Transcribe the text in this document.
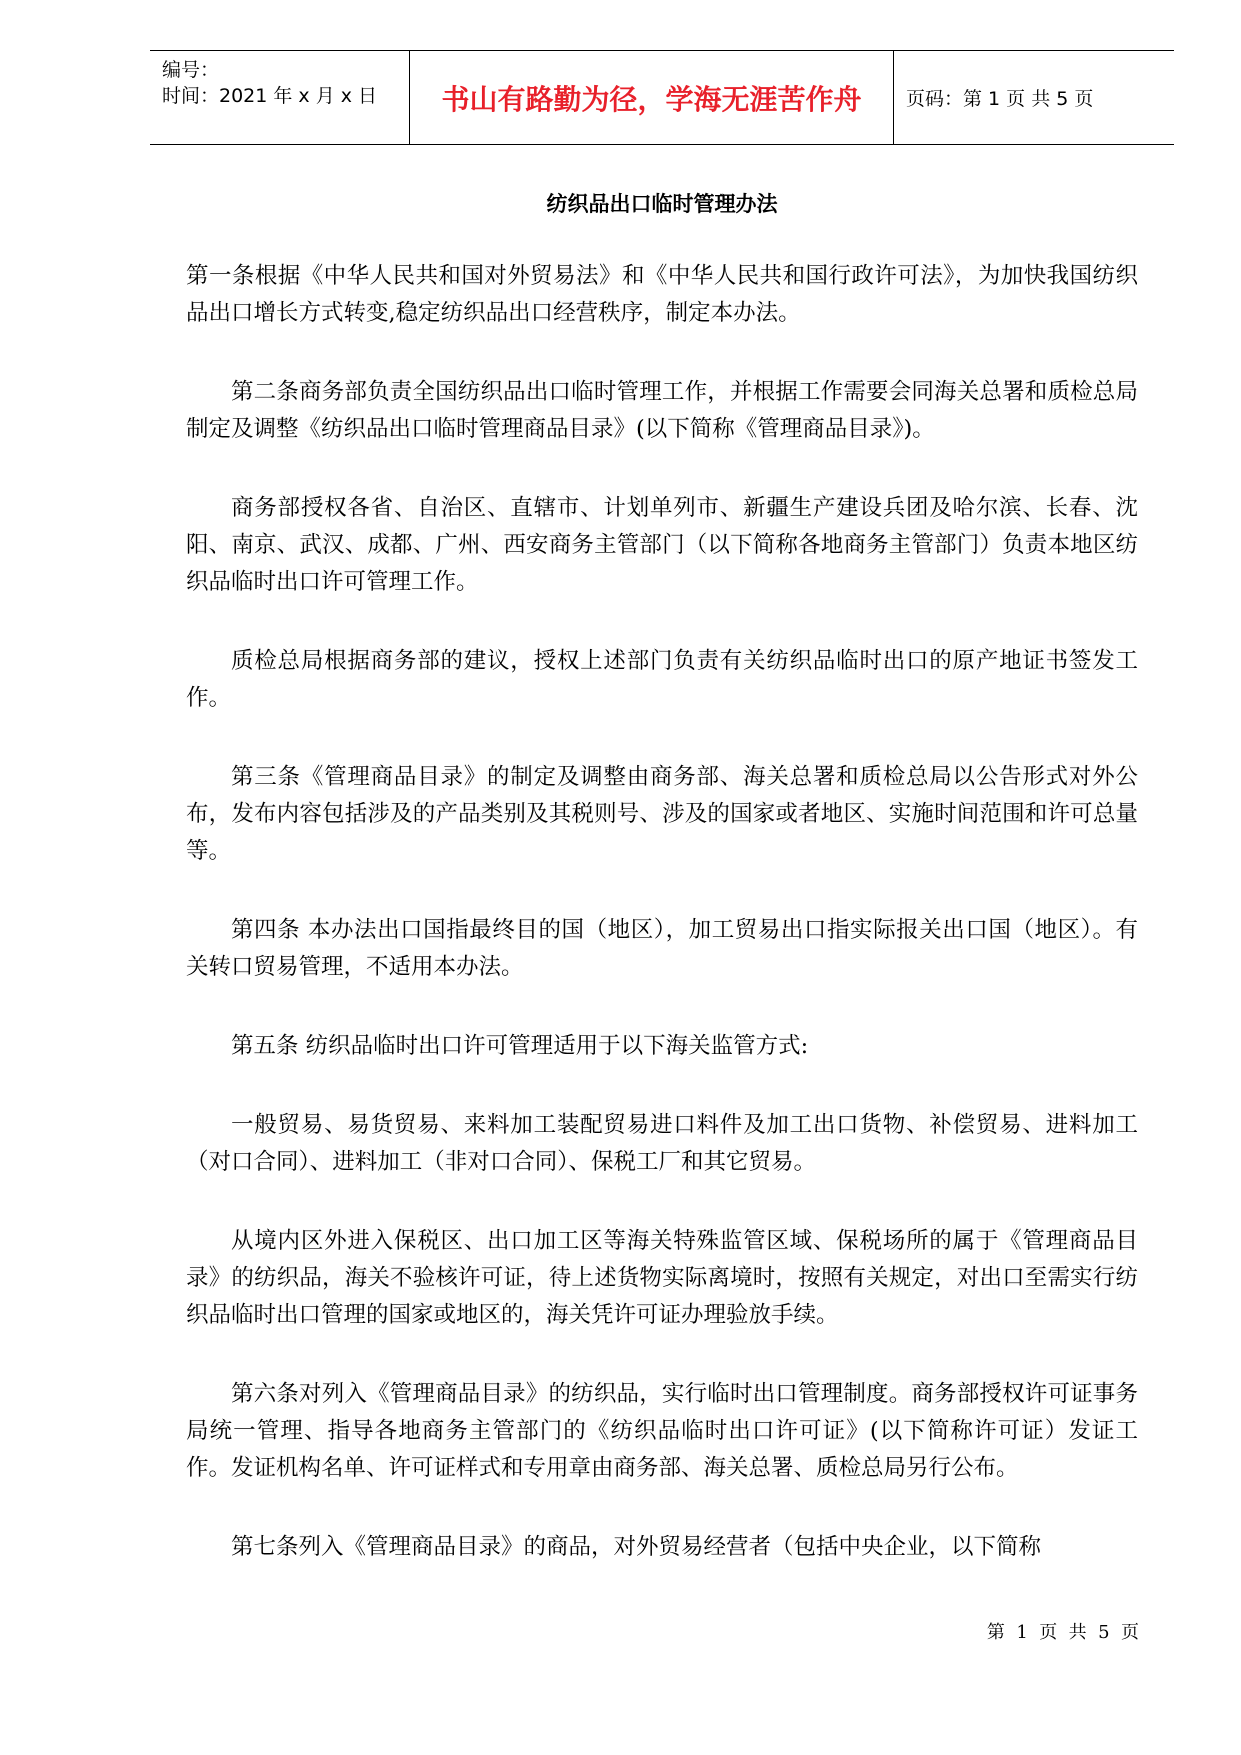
编号：
时间：2021 年 x 月 x 日	书山有路勤为径，学海无涯苦作舟	页码：第 1 页 共 5 页
纺织品出口临时管理办法

第一条根据《中华人民共和国对外贸易法》和《中华人民共和国行政许可法》，为加快我国纺织品出口增长方式转变,稳定纺织品出口经营秩序，制定本办法。

第二条商务部负责全国纺织品出口临时管理工作，并根据工作需要会同海关总署和质检总局制定及调整《纺织品出口临时管理商品目录》(以下简称《管理商品目录》)。

商务部授权各省、自治区、直辖市、计划单列市、新疆生产建设兵团及哈尔滨、长春、沈阳、南京、武汉、成都、广州、西安商务主管部门（以下简称各地商务主管部门）负责本地区纺织品临时出口许可管理工作。

质检总局根据商务部的建议，授权上述部门负责有关纺织品临时出口的原产地证书签发工作。

第三条《管理商品目录》的制定及调整由商务部、海关总署和质检总局以公告形式对外公布，发布内容包括涉及的产品类别及其税则号、涉及的国家或者地区、实施时间范围和许可总量等。

第四条 本办法出口国指最终目的国（地区），加工贸易出口指实际报关出口国（地区）。有关转口贸易管理，不适用本办法。

第五条 纺织品临时出口许可管理适用于以下海关监管方式:

一般贸易、易货贸易、来料加工装配贸易进口料件及加工出口货物、补偿贸易、进料加工（对口合同）、进料加工（非对口合同）、保税工厂和其它贸易。

从境内区外进入保税区、出口加工区等海关特殊监管区域、保税场所的属于《管理商品目录》的纺织品，海关不验核许可证，待上述货物实际离境时，按照有关规定，对出口至需实行纺织品临时出口管理的国家或地区的，海关凭许可证办理验放手续。

第六条对列入《管理商品目录》的纺织品，实行临时出口管理制度。商务部授权许可证事务局统一管理、指导各地商务主管部门的《纺织品临时出口许可证》(以下简称许可证）发证工作。发证机构名单、许可证样式和专用章由商务部、海关总署、质检总局另行公布。

第七条列入《管理商品目录》的商品，对外贸易经营者（包括中央企业，以下简称

第  1  页  共  5  页
